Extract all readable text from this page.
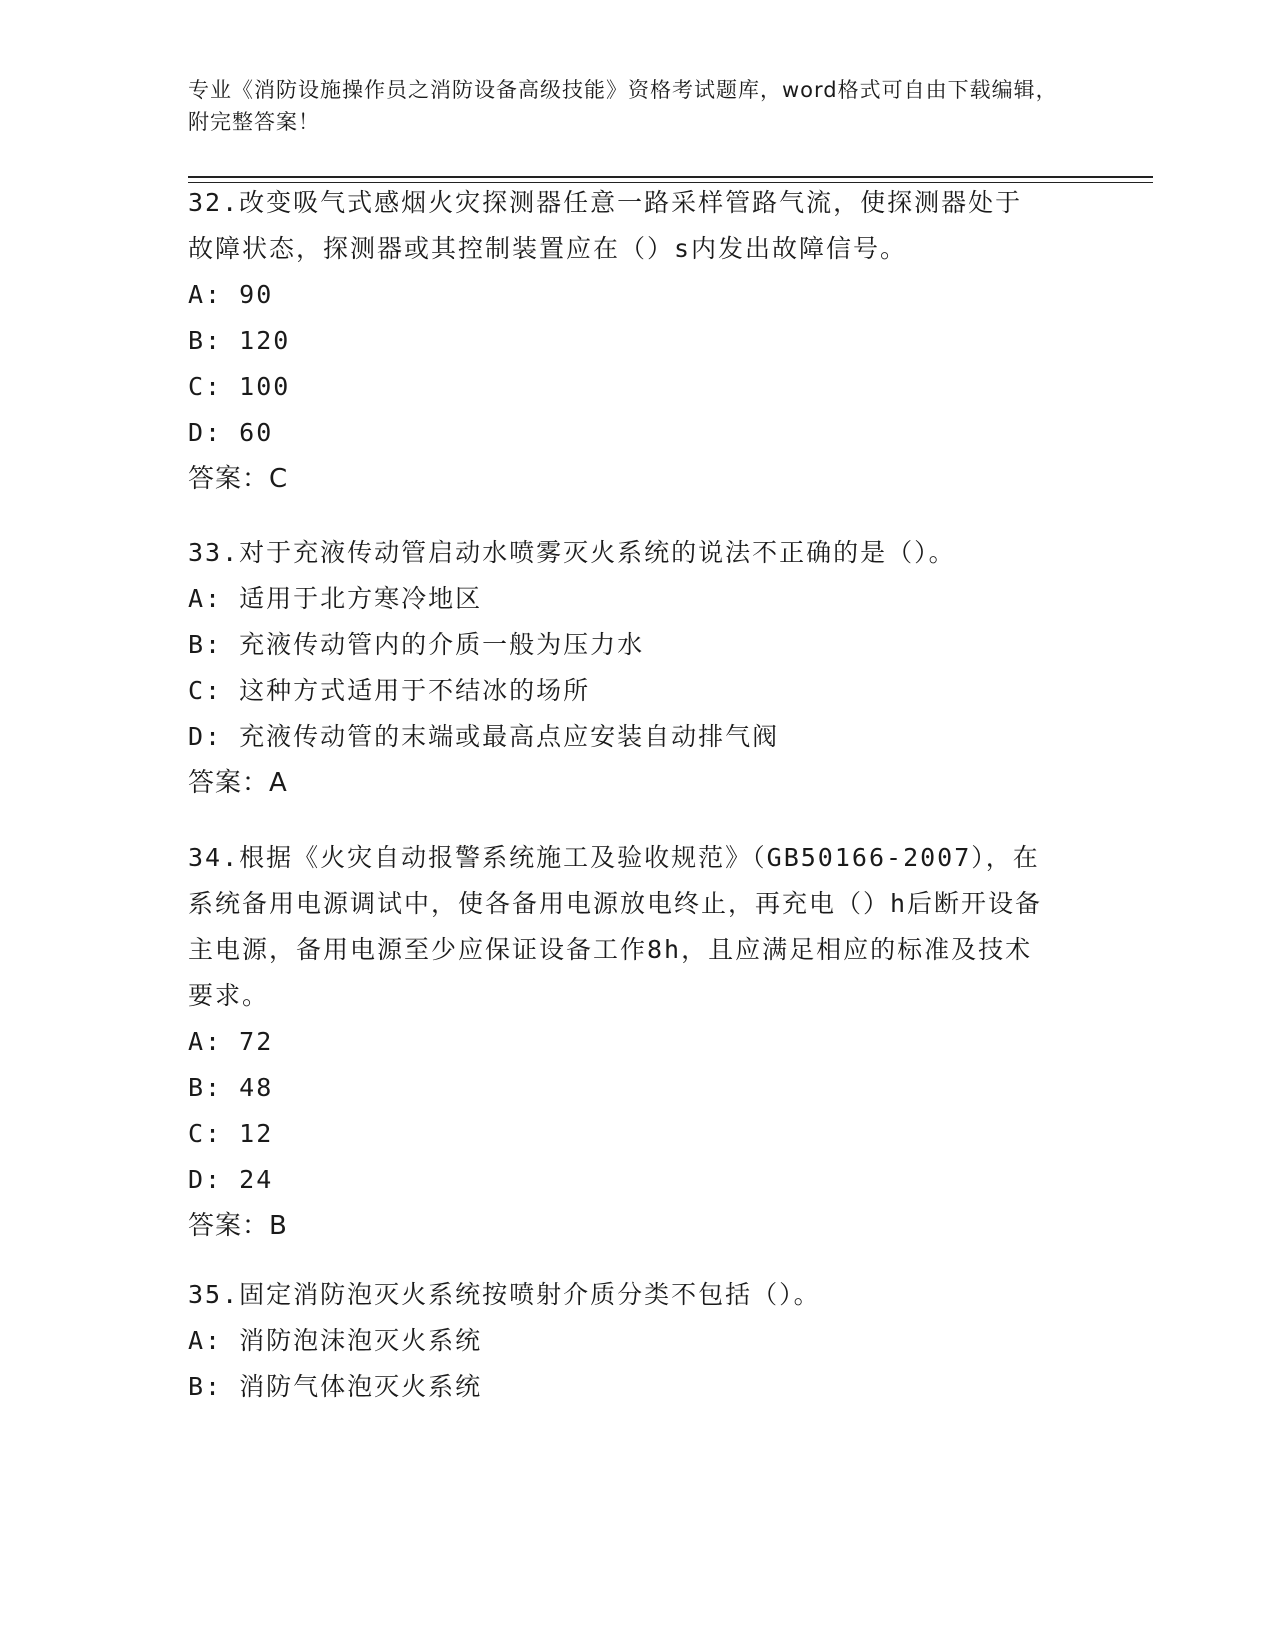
专业《消防设施操作员之消防设备高级技能》资格考试题库，word格式可自由下载编辑，附完整答案！
32.改变吸气式感烟火灾探测器任意一路采样管路气流，使探测器处于故障状态，探测器或其控制装置应在（）s内发出故障信号。
A: 90
B: 120
C: 100
D: 60
答案：C
33.对于充液传动管启动水喷雾灭火系统的说法不正确的是（）。
A: 适用于北方寒冷地区
B: 充液传动管内的介质一般为压力水
C: 这种方式适用于不结冰的场所
D: 充液传动管的末端或最高点应安装自动排气阀
答案：A
34.根据《火灾自动报警系统施工及验收规范》（GB50166-2007），在系统备用电源调试中，使各备用电源放电终止，再充电（）h后断开设备主电源，备用电源至少应保证设备工作8h，且应满足相应的标准及技术要求。
A: 72
B: 48
C: 12
D: 24
答案：B
35.固定消防泡灭火系统按喷射介质分类不包括（）。
A: 消防泡沫泡灭火系统
B: 消防气体泡灭火系统
